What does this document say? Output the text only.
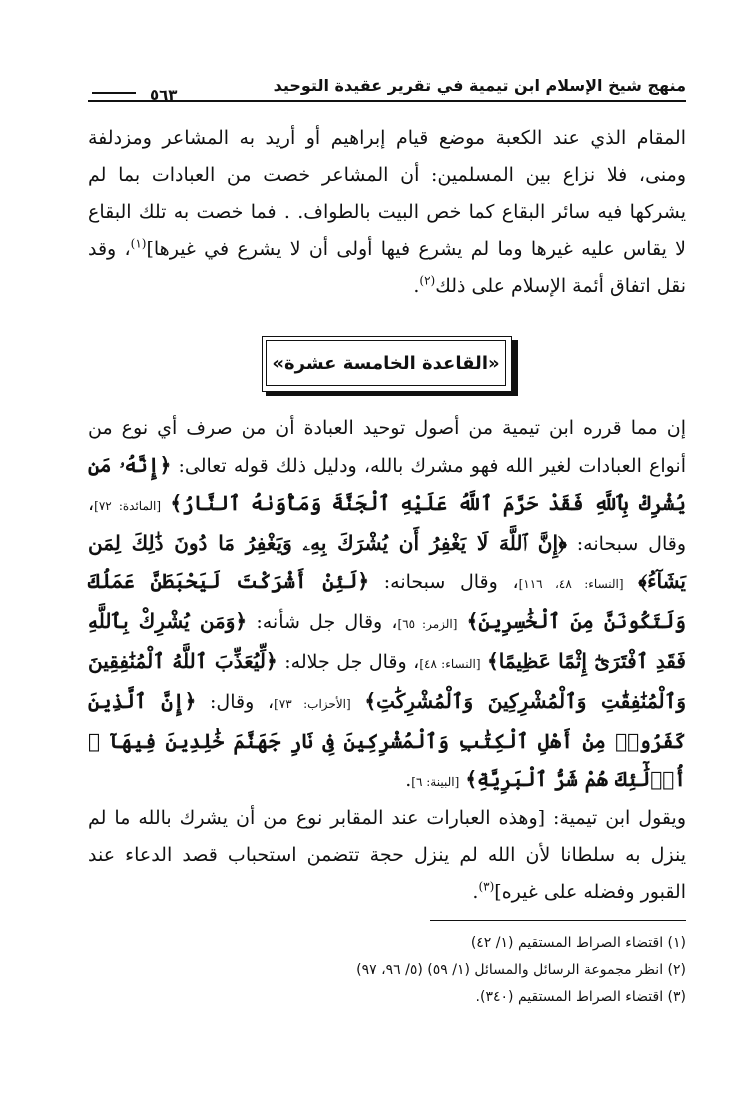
منهج شيخ الإسلام ابن تيمية في تقرير عقيدة التوحيد
٥٦٣
المقام الذي عند الكعبة موضع قيام إبراهيم أو أريد به المشاعر ومزدلفة ومنى، فلا نزاع بين المسلمين: أن المشاعر خصت من العبادات بما لم يشركها فيه سائر البقاع كما خص البيت بالطواف. . فما خصت به تلك البقاع لا يقاس عليه غيرها وما لم يشرع فيها أولى أن لا يشرع في غيرها]$^{(١)}$، وقد نقل اتفاق أئمة الإسلام على ذلك$^{(٢)}$.
«القاعدة الخامسة عشرة»
إن مما قرره ابن تيمية من أصول توحيد العبادة أن من صرف أي نوع من أنواع العبادات لغير الله فهو مشرك بالله، ودليل ذلك قوله تعالى: ﴿إِنَّهُۥ مَن يُشْرِكْ بِٱللَّهِ فَقَدْ حَرَّمَ ٱللَّهُ عَلَيْهِ ٱلْجَنَّةَ وَمَأْوَىٰهُ ٱلنَّارُ﴾ [المائدة: ٧٢]، وقال سبحانه: ﴿إِنَّ ٱللَّهَ لَا يَغْفِرُ أَن يُشْرَكَ بِهِۦ وَيَغْفِرُ مَا دُونَ ذَٰلِكَ لِمَن يَشَآءُ﴾ [النساء: ٤٨، ١١٦]، وقال سبحانه: ﴿لَئِنْ أَشْرَكْتَ لَيَحْبَطَنَّ عَمَلُكَ وَلَتَكُونَنَّ مِنَ ٱلْخَٰسِرِينَ﴾ [الزمر: ٦٥]، وقال جل شأنه: ﴿وَمَن يُشْرِكْ بِٱللَّهِ فَقَدِ ٱفْتَرَىٰٓ إِثْمًا عَظِيمًا﴾ [النساء: ٤٨]، وقال جل جلاله: ﴿لِّيُعَذِّبَ ٱللَّهُ ٱلْمُنَٰفِقِينَ وَٱلْمُنَٰفِقَٰتِ وَٱلْمُشْرِكِينَ وَٱلْمُشْرِكَٰتِ﴾ [الأحزاب: ٧٣]، وقال: ﴿إِنَّ ٱلَّذِينَ كَفَرُوا۟ مِنْ أَهْلِ ٱلْكِتَٰبِ وَٱلْمُشْرِكِينَ فِى نَارِ جَهَنَّمَ خَٰلِدِينَ فِيهَآ ۚ أُو۟لَٰٓئِكَ هُمْ شَرُّ ٱلْبَرِيَّةِ﴾ [البينة: ٦].
ويقول ابن تيمية: [وهذه العبارات عند المقابر نوع من أن يشرك بالله ما لم ينزل به سلطانا لأن الله لم ينزل حجة تتضمن استحباب قصد الدعاء عند القبور وفضله على غيره]$^{(٣)}$.
(١) اقتضاء الصراط المستقيم (١/ ٤٢)
(٢) انظر مجموعة الرسائل والمسائل (١/ ٥٩) (٥/ ٩٦، ٩٧)
(٣) اقتضاء الصراط المستقيم (٣٤٠).
